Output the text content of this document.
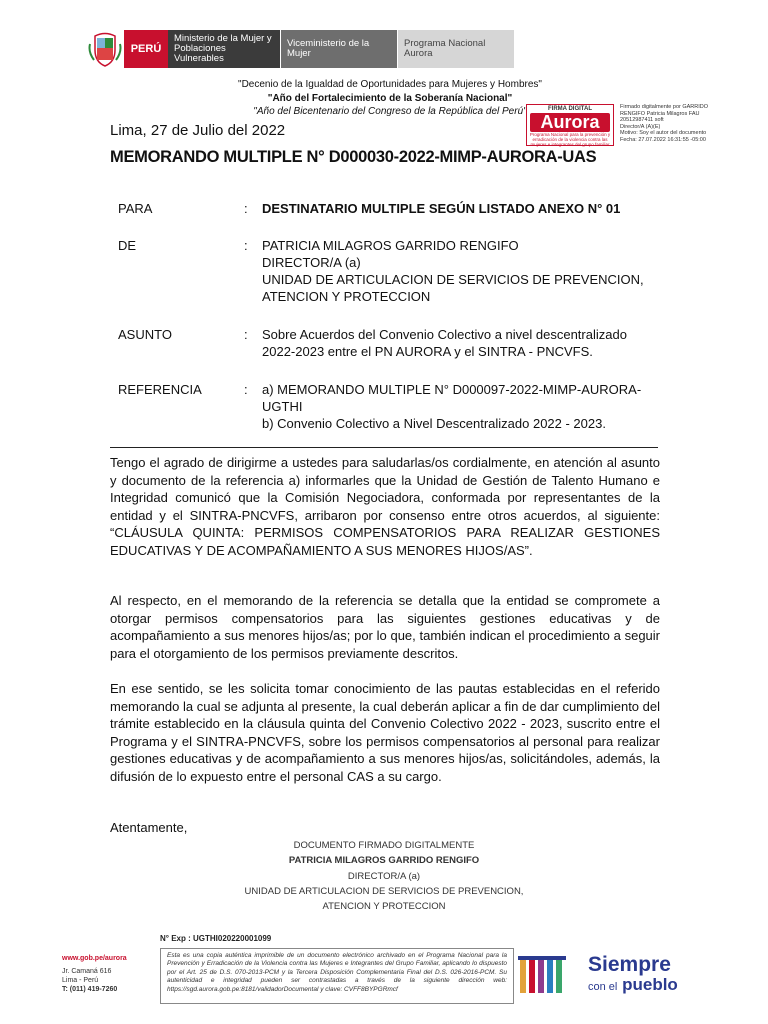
PERÚ
Ministerio de la Mujer y Poblaciones Vulnerables
Viceministerio de la Mujer
Programa Nacional Aurora
"Decenio de la Igualdad de Oportunidades para Mujeres y Hombres"
"Año del Fortalecimiento de la Soberanía Nacional"
"Año del Bicentenario del Congreso de la República del Perú"	FIRMA DIGITAL
Aurora
Programa Nacional para la prevención y erradicación de la violencia contra las mujeres e integrantes del grupo familiar
Firmado digitalmente por GARRIDO
RENGIFO Patricia Milagros FAU
20512987411 soft
Director/A (A)(E)
Motivo: Soy el autor del documento
Fecha: 27.07.2022 16:31:55 -05:00
Lima, 27 de Julio del 2022
MEMORANDO MULTIPLE N° D000030-2022-MIMP-AURORA-UAS
PARA	: DESTINATARIO MULTIPLE SEGÚN LISTADO ANEXO N° 01
DE	: PATRICIA MILAGROS GARRIDO RENGIFO
DIRECTOR/A (a)
UNIDAD DE ARTICULACION DE SERVICIOS DE PREVENCION,
ATENCION Y PROTECCION
ASUNTO	: Sobre Acuerdos del Convenio Colectivo a nivel descentralizado
2022-2023 entre el PN AURORA y el SINTRA - PNCVFS.
REFERENCIA	: a) MEMORANDO MULTIPLE N° D000097-2022-MIMP-AURORA-
UGTHI
b) Convenio Colectivo a Nivel Descentralizado 2022 - 2023.
Tengo el agrado de dirigirme a ustedes para saludarlas/os cordialmente, en atención al asunto y documento de la referencia a) informarles que la Unidad de Gestión de Talento Humano e Integridad comunicó que la Comisión Negociadora, conformada por representantes de la entidad y el SINTRA-PNCVFS, arribaron por consenso entre otros acuerdos, al siguiente: “CLÁUSULA QUINTA: PERMISOS COMPENSATORIOS PARA REALIZAR GESTIONES EDUCATIVAS Y DE ACOMPAÑAMIENTO A SUS MENORES HIJOS/AS”.
Al respecto, en el memorando de la referencia se detalla que la entidad se compromete a otorgar permisos compensatorios para las siguientes gestiones educativas y de acompañamiento a sus menores hijos/as; por lo que, también indican el procedimiento a seguir para el otorgamiento de los permisos previamente descritos.
En ese sentido, se les solicita tomar conocimiento de las pautas establecidas en el referido memorando la cual se adjunta al presente, la cual deberán aplicar a fin de dar cumplimiento del trámite establecido en la cláusula quinta del Convenio Colectivo 2022 - 2023, suscrito entre el Programa y el SINTRA-PNCVFS, sobre los permisos compensatorios al personal para realizar gestiones educativas y de acompañamiento a sus menores hijos/as, solicitándoles, además, la difusión de lo expuesto entre el personal CAS a su cargo.
Atentamente,
DOCUMENTO FIRMADO DIGITALMENTE
PATRICIA MILAGROS GARRIDO RENGIFO
DIRECTOR/A (a)
UNIDAD DE ARTICULACION DE SERVICIOS DE PREVENCION,
ATENCION Y PROTECCION
N° Exp : UGTHI020220001099
www.gob.pe/aurora
Jr. Camaná 616
Lima - Perú
T: (011) 419-7260
Esta es una copia auténtica imprimible de un documento electrónico archivado en el Programa Nacional para la Prevención y Erradicación de la Violencia contra las Mujeres e Integrantes del Grupo Familiar, aplicando lo dispuesto por el Art. 25 de D.S. 070-2013-PCM y la Tercera Disposición Complementaria Final del D.S. 026-2016-PCM. Su autenticidad e integridad pueden ser contrastadas a través de la siguiente dirección web: https://sgd.aurora.gob.pe:8181/validadorDocumental y clave: CVFF8BYPGRmcf
Siempre
con el pueblo
